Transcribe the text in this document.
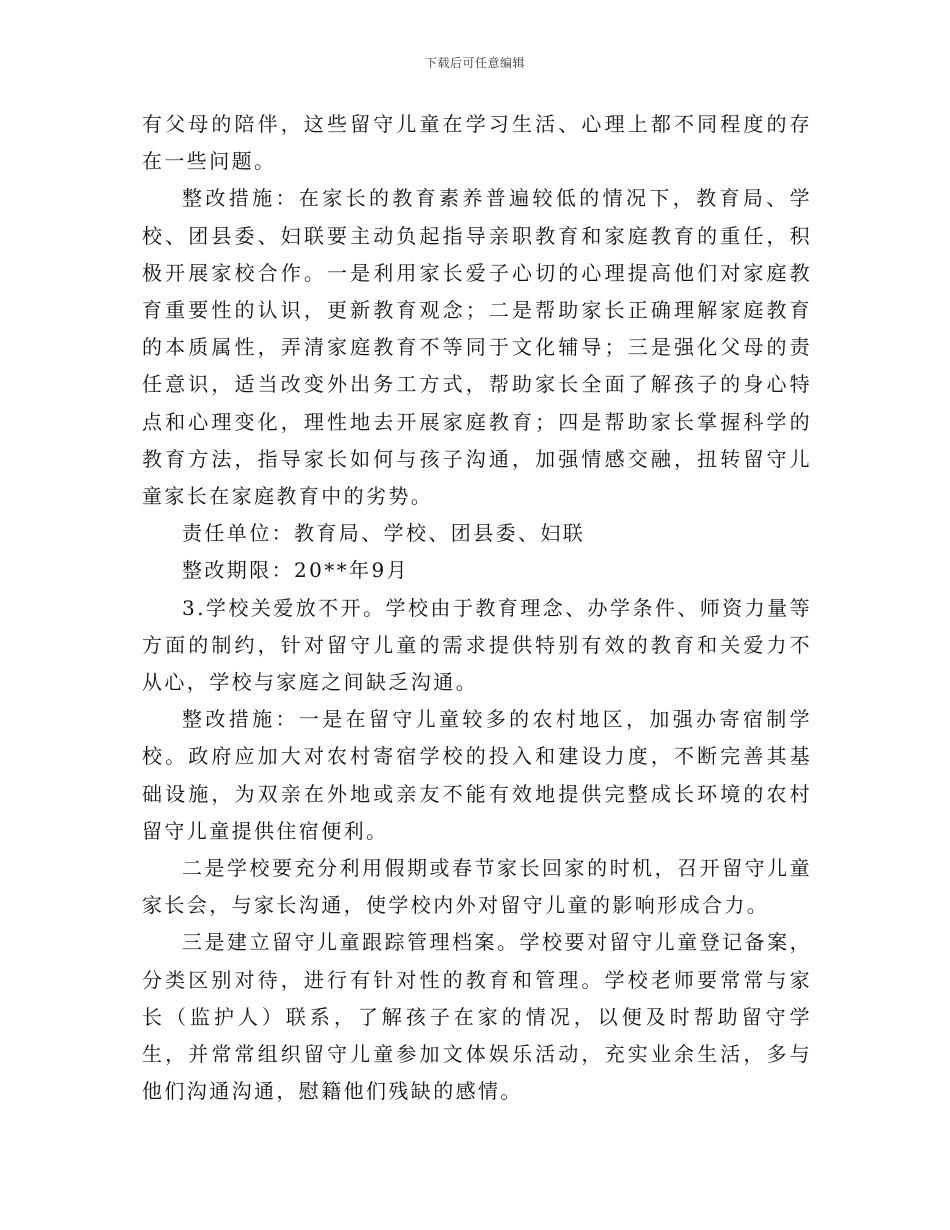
下载后可任意编辑

有父母的陪伴，这些留守儿童在学习生活、心理上都不同程度的存在一些问题。

整改措施：在家长的教育素养普遍较低的情况下，教育局、学校、团县委、妇联要主动负起指导亲职教育和家庭教育的重任，积极开展家校合作。一是利用家长爱子心切的心理提高他们对家庭教育重要性的认识，更新教育观念；二是帮助家长正确理解家庭教育的本质属性，弄清家庭教育不等同于文化辅导；三是强化父母的责任意识，适当改变外出务工方式，帮助家长全面了解孩子的身心特点和心理变化，理性地去开展家庭教育；四是帮助家长掌握科学的教育方法，指导家长如何与孩子沟通，加强情感交融，扭转留守儿童家长在家庭教育中的劣势。

责任单位：教育局、学校、团县委、妇联

整改期限：20**年9月

3.学校关爱放不开。学校由于教育理念、办学条件、师资力量等方面的制约，针对留守儿童的需求提供特别有效的教育和关爱力不从心，学校与家庭之间缺乏沟通。

整改措施：一是在留守儿童较多的农村地区，加强办寄宿制学校。政府应加大对农村寄宿学校的投入和建设力度，不断完善其基础设施，为双亲在外地或亲友不能有效地提供完整成长环境的农村留守儿童提供住宿便利。

二是学校要充分利用假期或春节家长回家的时机，召开留守儿童家长会，与家长沟通，使学校内外对留守儿童的影响形成合力。

三是建立留守儿童跟踪管理档案。学校要对留守儿童登记备案，分类区别对待，进行有针对性的教育和管理。学校老师要常常与家长（监护人）联系，了解孩子在家的情况，以便及时帮助留守学生，并常常组织留守儿童参加文体娱乐活动，充实业余生活，多与他们沟通沟通，慰籍他们残缺的感情。
